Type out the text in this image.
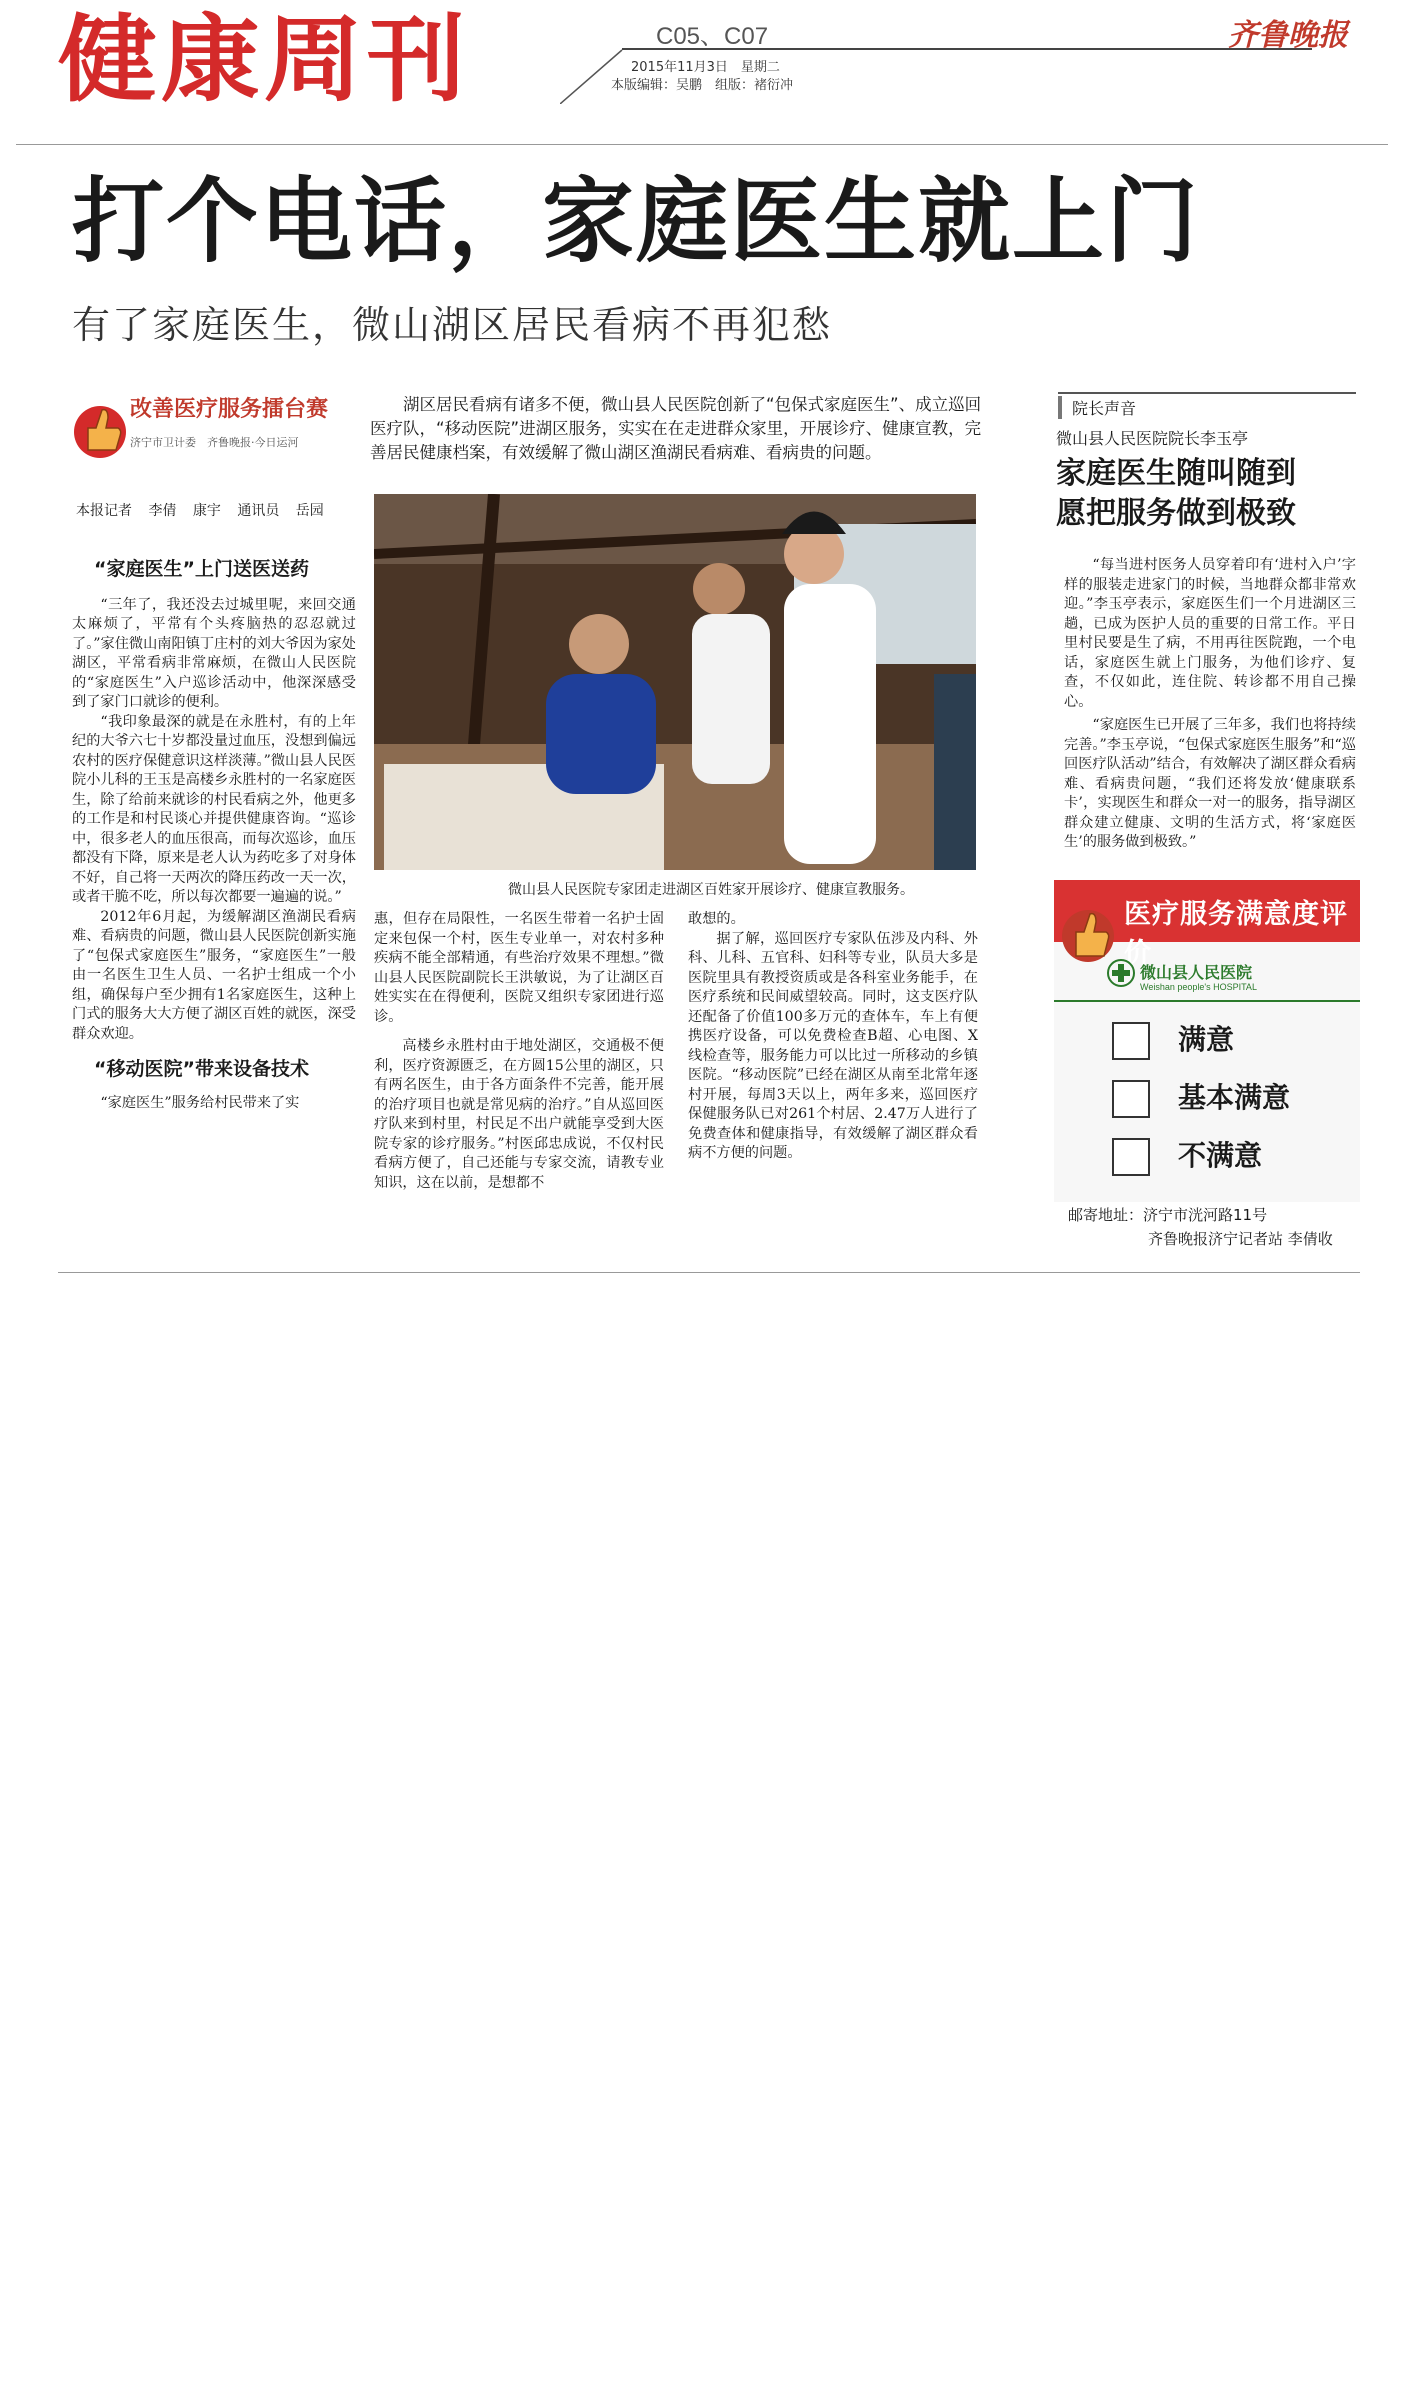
健康周刊	C05、C07
2015年11月3日　星期二
本版编辑：吴鹏　组版：褚衍冲
齐鲁晚报
打个电话，家庭医生就上门
有了家庭医生，微山湖区居民看病不再犯愁
改善医疗服务擂台赛
济宁市卫计委　齐鲁晚报·今日运河
本报记者 李倩 康宇 通讯员 岳园

湖区居民看病有诸多不便，微山县人民医院创新了“包保式家庭医生”、成立巡回医疗队，“移动医院”进湖区服务，实实在在走进群众家里，开展诊疗、健康宣教，完善居民健康档案，有效缓解了微山湖区渔湖民看病难、看病贵的问题。

微山县人民医院专家团走进湖区百姓家开展诊疗、健康宣教服务。
“家庭医生”上门送医送药

“三年了，我还没去过城里呢，来回交通太麻烦了，平常有个头疼脑热的忍忍就过了。”家住微山南阳镇丁庄村的刘大爷因为家处湖区，平常看病非常麻烦，在微山人民医院的“家庭医生”入户巡诊活动中，他深深感受到了家门口就诊的便利。

“我印象最深的就是在永胜村，有的上年纪的大爷六七十岁都没量过血压，没想到偏远农村的医疗保健意识这样淡薄。”微山县人民医院小儿科的王玉是高楼乡永胜村的一名家庭医生，除了给前来就诊的村民看病之外，他更多的工作是和村民谈心并提供健康咨询。“巡诊中，很多老人的血压很高，而每次巡诊，血压都没有下降，原来是老人认为药吃多了对身体不好，自己将一天两次的降压药改一天一次，或者干脆不吃，所以每次都要一遍遍的说。”

2012年6月起，为缓解湖区渔湖民看病难、看病贵的问题，微山县人民医院创新实施了“包保式家庭医生”服务，“家庭医生”一般由一名医生卫生人员、一名护士组成一个小组，确保每户至少拥有1名家庭医生，这种上门式的服务大大方便了湖区百姓的就医，深受群众欢迎。

“移动医院”带来设备技术

“家庭医生”服务给村民带来了实

惠，但存在局限性，一名医生带着一名护士固定来包保一个村，医生专业单一，对农村多种疾病不能全部精通，有些治疗效果不理想。”微山县人民医院副院长王洪敏说，为了让湖区百姓实实在在得便利，医院又组织专家团进行巡诊。

高楼乡永胜村由于地处湖区，交通极不便利，医疗资源匮乏，在方圆15公里的湖区，只有两名医生，由于各方面条件不完善，能开展的治疗项目也就是常见病的治疗。”自从巡回医疗队来到村里，村民足不出户就能享受到大医院专家的诊疗服务。”村医邱忠成说，不仅村民看病方便了，自己还能与专家交流，请教专业知识，这在以前，是想都不

敢想的。

据了解，巡回医疗专家队伍涉及内科、外科、儿科、五官科、妇科等专业，队员大多是医院里具有教授资质或是各科室业务能手，在医疗系统和民间威望较高。同时，这支医疗队还配备了价值100多万元的查体车，车上有便携医疗设备，可以免费检查B超、心电图、X线检查等，服务能力可以比过一所移动的乡镇医院。“移动医院”已经在湖区从南至北常年逐村开展，每周3天以上，两年多来，巡回医疗保健服务队已对261个村居、2.47万人进行了免费查体和健康指导，有效缓解了湖区群众看病不方便的问题。

院长声音
微山县人民医院院长李玉亭
家庭医生随叫随到
愿把服务做到极致

“每当进村医务人员穿着印有‘进村入户’字样的服装走进家门的时候，当地群众都非常欢迎。”李玉亭表示，家庭医生们一个月进湖区三趟，已成为医护人员的重要的日常工作。平日里村民要是生了病，不用再往医院跑，一个电话，家庭医生就上门服务，为他们诊疗、复查，不仅如此，连住院、转诊都不用自己操心。

“家庭医生已开展了三年多，我们也将持续完善。”李玉亭说，“包保式家庭医生服务”和“巡回医疗队活动”结合，有效解决了湖区群众看病难、看病贵问题，“我们还将发放‘健康联系卡’，实现医生和群众一对一的服务，指导湖区群众建立健康、文明的生活方式，将‘家庭医生’的服务做到极致。”

医疗服务满意度评价
微山县人民医院
Weishan people's HOSPITAL
满意
基本满意
不满意
邮寄地址：济宁市洸河路11号
齐鲁晚报济宁记者站 李倩收
